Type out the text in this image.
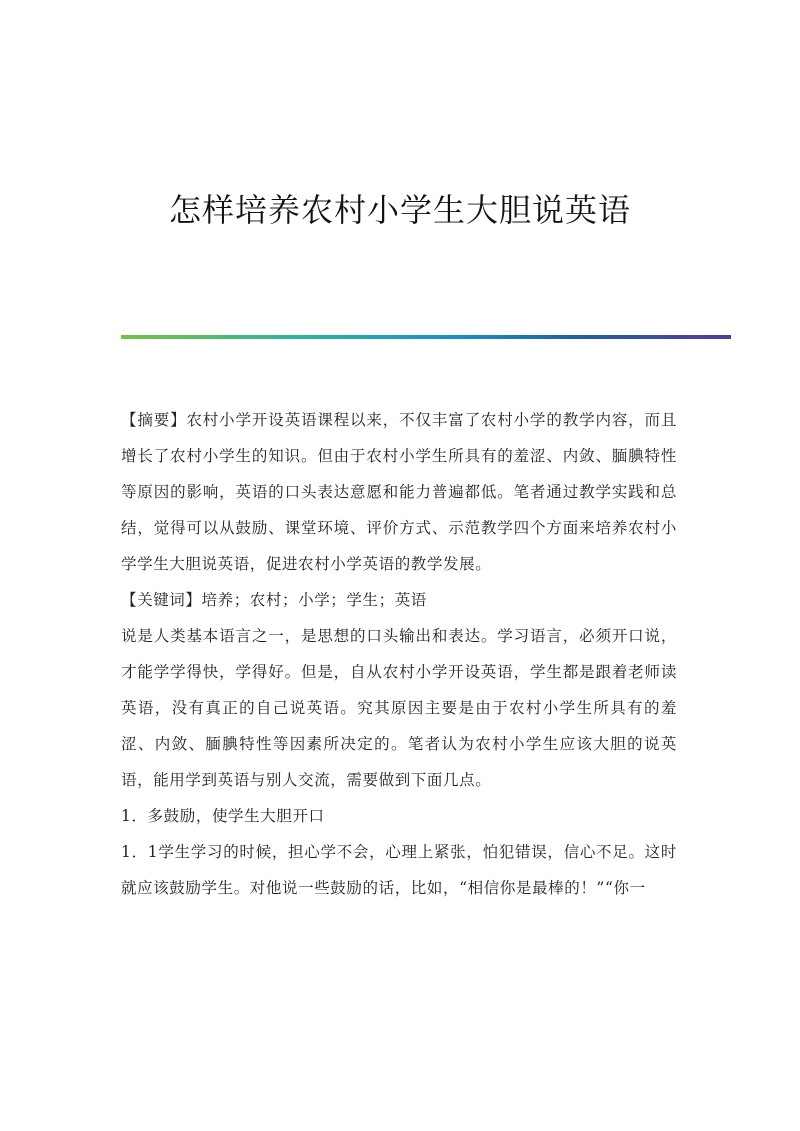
怎样培养农村小学生大胆说英语

【摘要】农村小学开设英语课程以来，不仅丰富了农村小学的教学内容，而且增长了农村小学生的知识。但由于农村小学生所具有的羞涩、内敛、腼腆特性等原因的影响，英语的口头表达意愿和能力普遍都低。笔者通过教学实践和总结，觉得可以从鼓励、课堂环境、评价方式、示范教学四个方面来培养农村小学学生大胆说英语，促进农村小学英语的教学发展。

【关键词】培养；农村；小学；学生；英语

说是人类基本语言之一，是思想的口头输出和表达。学习语言，必须开口说，才能学学得快，学得好。但是，自从农村小学开设英语，学生都是跟着老师读英语，没有真正的自己说英语。究其原因主要是由于农村小学生所具有的羞涩、内敛、腼腆特性等因素所决定的。笔者认为农村小学生应该大胆的说英语，能用学到英语与别人交流，需要做到下面几点。

1．多鼓励，使学生大胆开口

1．1学生学习的时候，担心学不会，心理上紧张，怕犯错误，信心不足。这时就应该鼓励学生。对他说一些鼓励的话，比如，“相信你是最棒的！”“你一
